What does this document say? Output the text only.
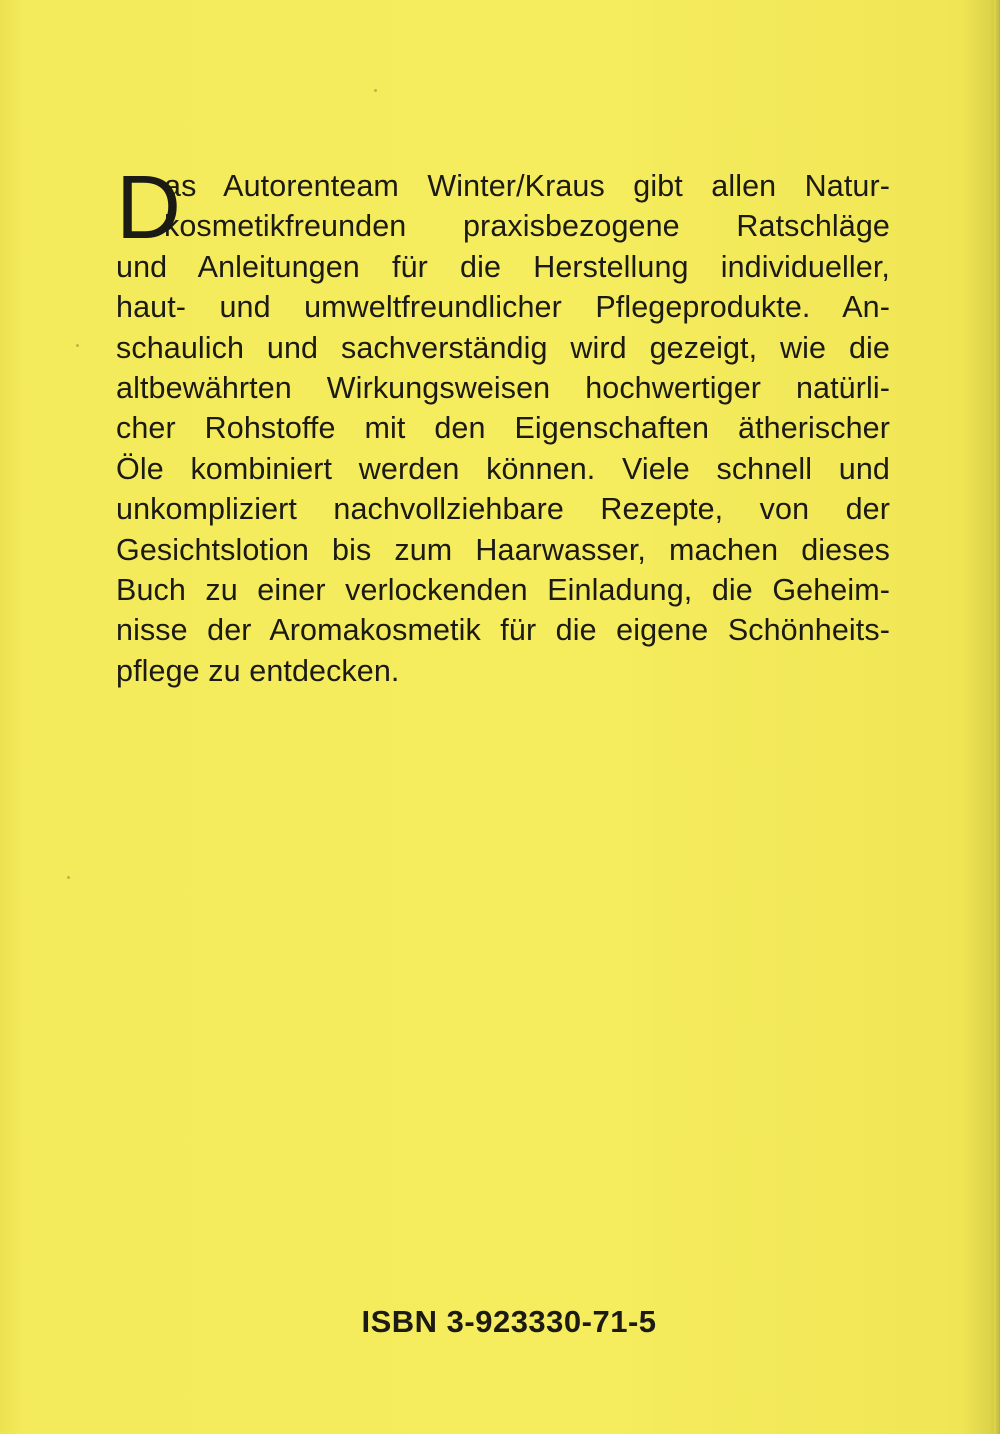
D
as Autorenteam Winter/Kraus gibt allen Natur-
kosmetikfreunden praxisbezogene Ratschläge
und Anleitungen für die Herstellung individueller,
haut- und umweltfreundlicher Pflegeprodukte. An-
schaulich und sachverständig wird gezeigt, wie die
altbewährten Wirkungsweisen hochwertiger natürli-
cher Rohstoffe mit den Eigenschaften ätherischer
Öle kombiniert werden können. Viele schnell und
unkompliziert nachvollziehbare Rezepte, von der
Gesichtslotion bis zum Haarwasser, machen dieses
Buch zu einer verlockenden Einladung, die Geheim-
nisse der Aromakosmetik für die eigene Schönheits-
pflege zu entdecken.
ISBN 3-923330-71-5
